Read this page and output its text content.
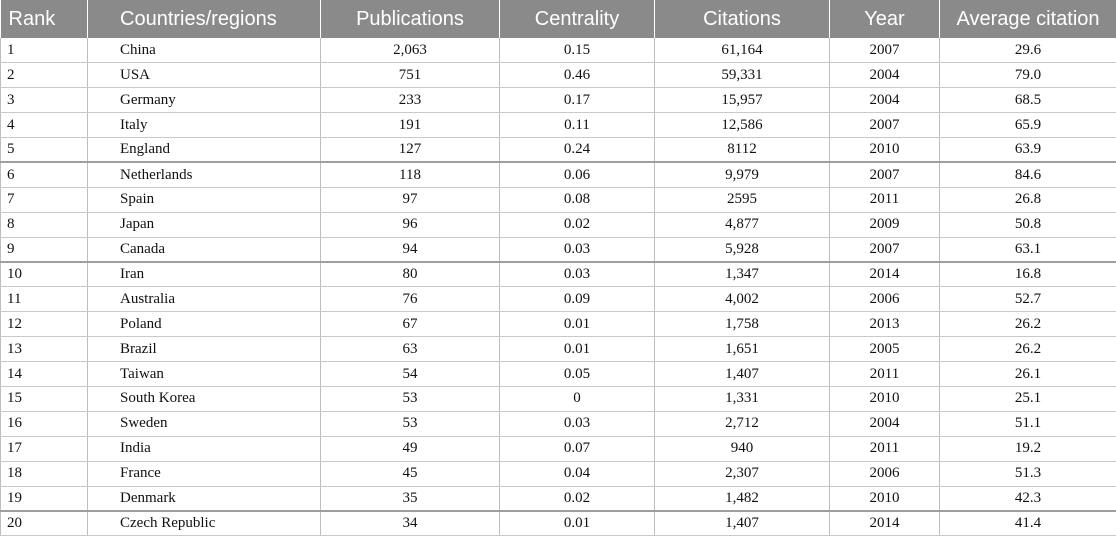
Rank	Countries/regions	Publications	Centrality	Citations	Year	Average citation
1	China	2,063	0.15	61,164	2007	29.6
2	USA	751	0.46	59,331	2004	79.0
3	Germany	233	0.17	15,957	2004	68.5
4	Italy	191	0.11	12,586	2007	65.9
5	England	127	0.24	8112	2010	63.9
6	Netherlands	118	0.06	9,979	2007	84.6
7	Spain	97	0.08	2595	2011	26.8
8	Japan	96	0.02	4,877	2009	50.8
9	Canada	94	0.03	5,928	2007	63.1
10	Iran	80	0.03	1,347	2014	16.8
11	Australia	76	0.09	4,002	2006	52.7
12	Poland	67	0.01	1,758	2013	26.2
13	Brazil	63	0.01	1,651	2005	26.2
14	Taiwan	54	0.05	1,407	2011	26.1
15	South Korea	53	0	1,331	2010	25.1
16	Sweden	53	0.03	2,712	2004	51.1
17	India	49	0.07	940	2011	19.2
18	France	45	0.04	2,307	2006	51.3
19	Denmark	35	0.02	1,482	2010	42.3
20	Czech Republic	34	0.01	1,407	2014	41.4
